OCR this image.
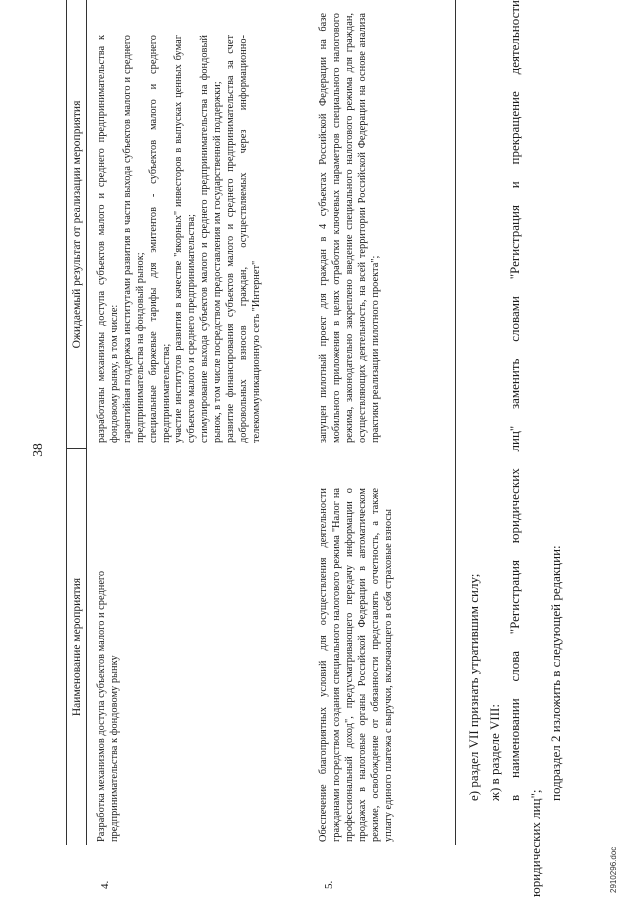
38
Наименование мероприятия
Ожидаемый результат от реализации мероприятия
4.
Разработка механизмов доступа субъектов малого и среднего предпринимательства к фондовому рынку

разработаны механизмы доступа субъектов малого и среднего предпринимательства к фондовому рынку, в том числе: гарантийная поддержка институтами развития в части выхода субъектов малого и среднего предпринимательства на фондовый рынок; специальные биржевые тарифы для эмитентов - субъектов малого и среднего предпринимательства; участие институтов развития в качестве "якорных" инвесторов в выпусках ценных бумаг субъектов малого и среднего предпринимательства; стимулирование выхода субъектов малого и среднего предпринимательства на фондовый рынок, в том числе посредством предоставления им государственной поддержки; развитие финансирования субъектов малого и среднего предпринимательства за счет добровольных взносов граждан, осуществляемых через информационно-телекоммуникационную сеть "Интернет"

5.
Обеспечение благоприятных условий для осуществления деятельности гражданами посредством создания специального налогового режима "Налог на профессиональный доход", предусматривающего передачу информации о продажах в налоговые органы Российской Федерации в автоматическом режиме, освобождение от обязанности представлять отчетность, а также уплату единого платежа с выручки, включающего в себя страховые взносы

запущен пилотный проект для граждан в 4 субъектах Российской Федерации на базе мобильного приложения в целях отработки ключевых параметров специального налогового режима, законодательно закреплено введение специального налогового режима для граждан, осуществляющих деятельность, на всей территории Российской Федерации на основе анализа практики реализации пилотного проекта";

е) раздел VII признать утратившим силу; ж) в разделе VIII: в наименовании слова "Регистрация юридических лиц" заменить словами "Регистрация и прекращение деятельности

юридических лиц";

подраздел 2 изложить в следующей редакции:

2910296.doc
